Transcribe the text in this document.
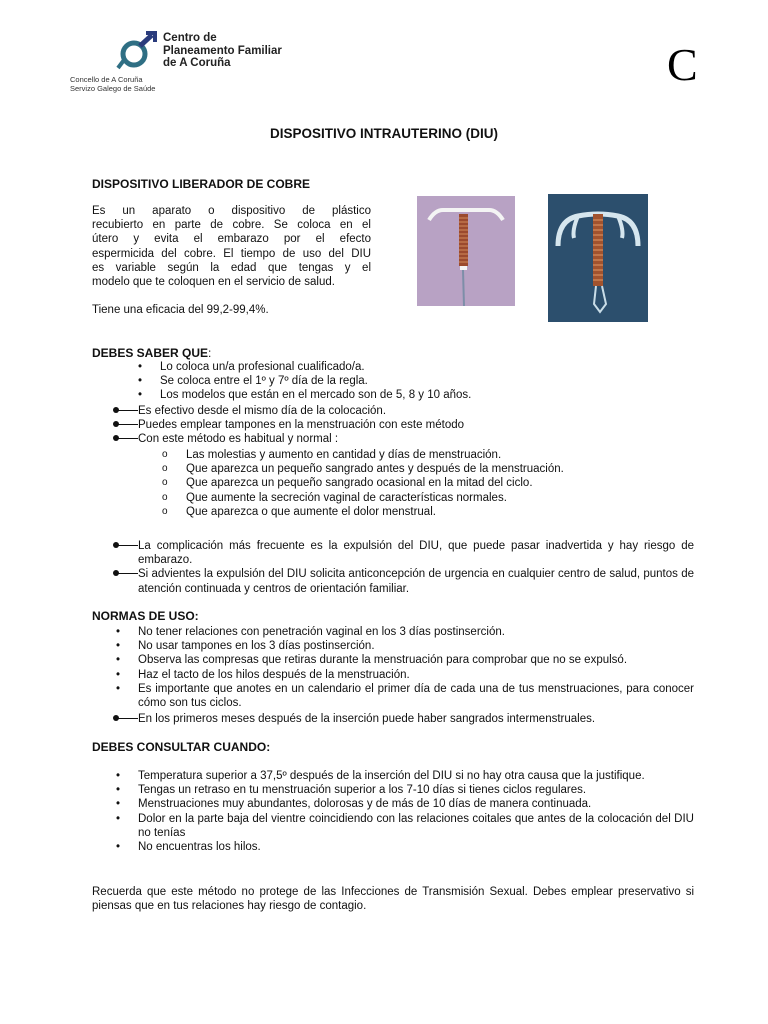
Centro de
Planeamento Familiar
de A Coruña
Concello de A Coruña
Servizo Galego de Saúde	C
DISPOSITIVO INTRAUTERINO (DIU)
DISPOSITIVO LIBERADOR DE COBRE
Es un aparato o dispositivo de plástico
recubierto en parte de cobre. Se coloca en el
útero y evita el embarazo por el efecto
espermicida del cobre. El tiempo de uso del DIU
es variable según la edad que tengas y el
modelo que te coloquen en el servicio de salud.
Tiene una eficacia del 99,2-99,4%.
DEBES SABER QUE:
• Lo coloca un/a profesional cualificado/a.
• Se coloca entre el 1º y 7º día de la regla.
• Los modelos que están en el mercado son de 5, 8 y 10 años.
Es efectivo desde el mismo día de la colocación.
Puedes emplear tampones en la menstruación con este método
Con este método es habitual y normal :
o Las molestias y aumento en cantidad y días de menstruación.
o Que aparezca un pequeño sangrado antes y después de la menstruación.
o Que aparezca un pequeño sangrado ocasional en la mitad del ciclo.
o Que aumente la secreción vaginal de características normales.
o Que aparezca o que aumente el dolor menstrual.
La complicación más frecuente es la expulsión del DIU, que puede pasar inadvertida y hay riesgo de embarazo.
Si advientes la expulsión del DIU solicita anticoncepción de urgencia en cualquier centro de salud, puntos de atención continuada y centros de orientación familiar.
NORMAS DE USO:
• No tener relaciones con penetración vaginal en los 3 días postinserción.
• No usar tampones en los 3 días postinserción.
• Observa las compresas que retiras durante la menstruación para comprobar que no se expulsó.
• Haz el tacto de los hilos después de la menstruación.
• Es importante que anotes en un calendario el primer día de cada una de tus menstruaciones, para conocer cómo son tus ciclos.
En los primeros meses después de la inserción puede haber sangrados intermenstruales.
DEBES CONSULTAR CUANDO:
• Temperatura superior a 37,5º después de la inserción del DIU si no hay otra causa que la justifique.
• Tengas un retraso en tu menstruación superior a los 7-10 días si tienes ciclos regulares.
• Menstruaciones muy abundantes, dolorosas y de más de 10 días de manera continuada.
• Dolor en la parte baja del vientre coincidiendo con las relaciones coitales que antes de la colocación del DIU no tenías
• No encuentras los hilos.
Recuerda que este método no protege de las Infecciones de Transmisión Sexual. Debes emplear preservativo si piensas que en tus relaciones hay riesgo de contagio.
